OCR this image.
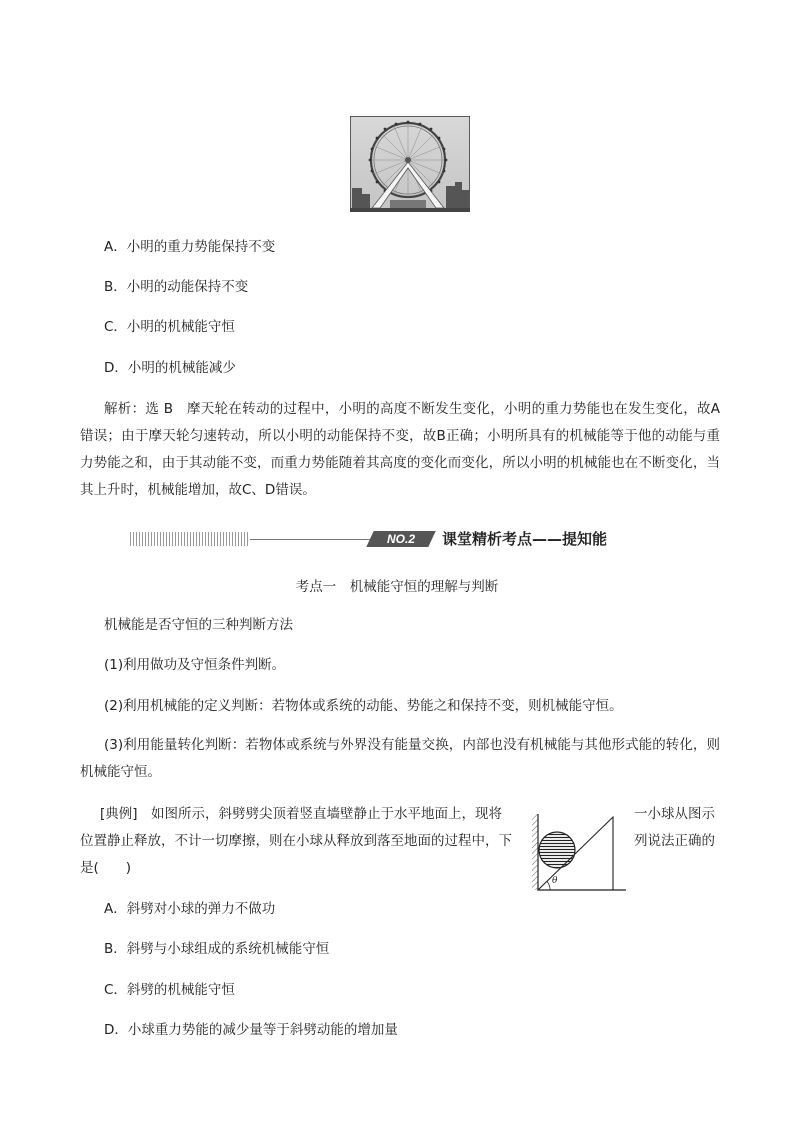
A．小明的重力势能保持不变
B．小明的动能保持不变
C．小明的机械能守恒
D．小明的机械能减少
解析：选 B　摩天轮在转动的过程中，小明的高度不断发生变化，小明的重力势能也在发生变化，故A错误；由于摩天轮匀速转动，所以小明的动能保持不变，故B正确；小明所具有的机械能等于他的动能与重力势能之和，由于其动能不变，而重力势能随着其高度的变化而变化，所以小明的机械能也在不断变化，当其上升时，机械能增加，故C、D错误。
NO.2	课堂精析考点——提知能
考点一　机械能守恒的理解与判断
机械能是否守恒的三种判断方法
(1)利用做功及守恒条件判断。
(2)利用机械能的定义判断：若物体或系统的动能、势能之和保持不变，则机械能守恒。
(3)利用能量转化判断：若物体或系统与外界没有能量交换，内部也没有机械能与其他形式能的转化，则机械能守恒。
[典例]　如图所示，斜劈劈尖顶着竖直墙壁静止于水平地面上，现将	一小球从图示
位置静止释放，不计一切摩擦，则在小球从释放到落至地面的过程中，下	列说法正确的
是(　　)
θ
A．斜劈对小球的弹力不做功
B．斜劈与小球组成的系统机械能守恒
C．斜劈的机械能守恒
D．小球重力势能的减少量等于斜劈动能的增加量
